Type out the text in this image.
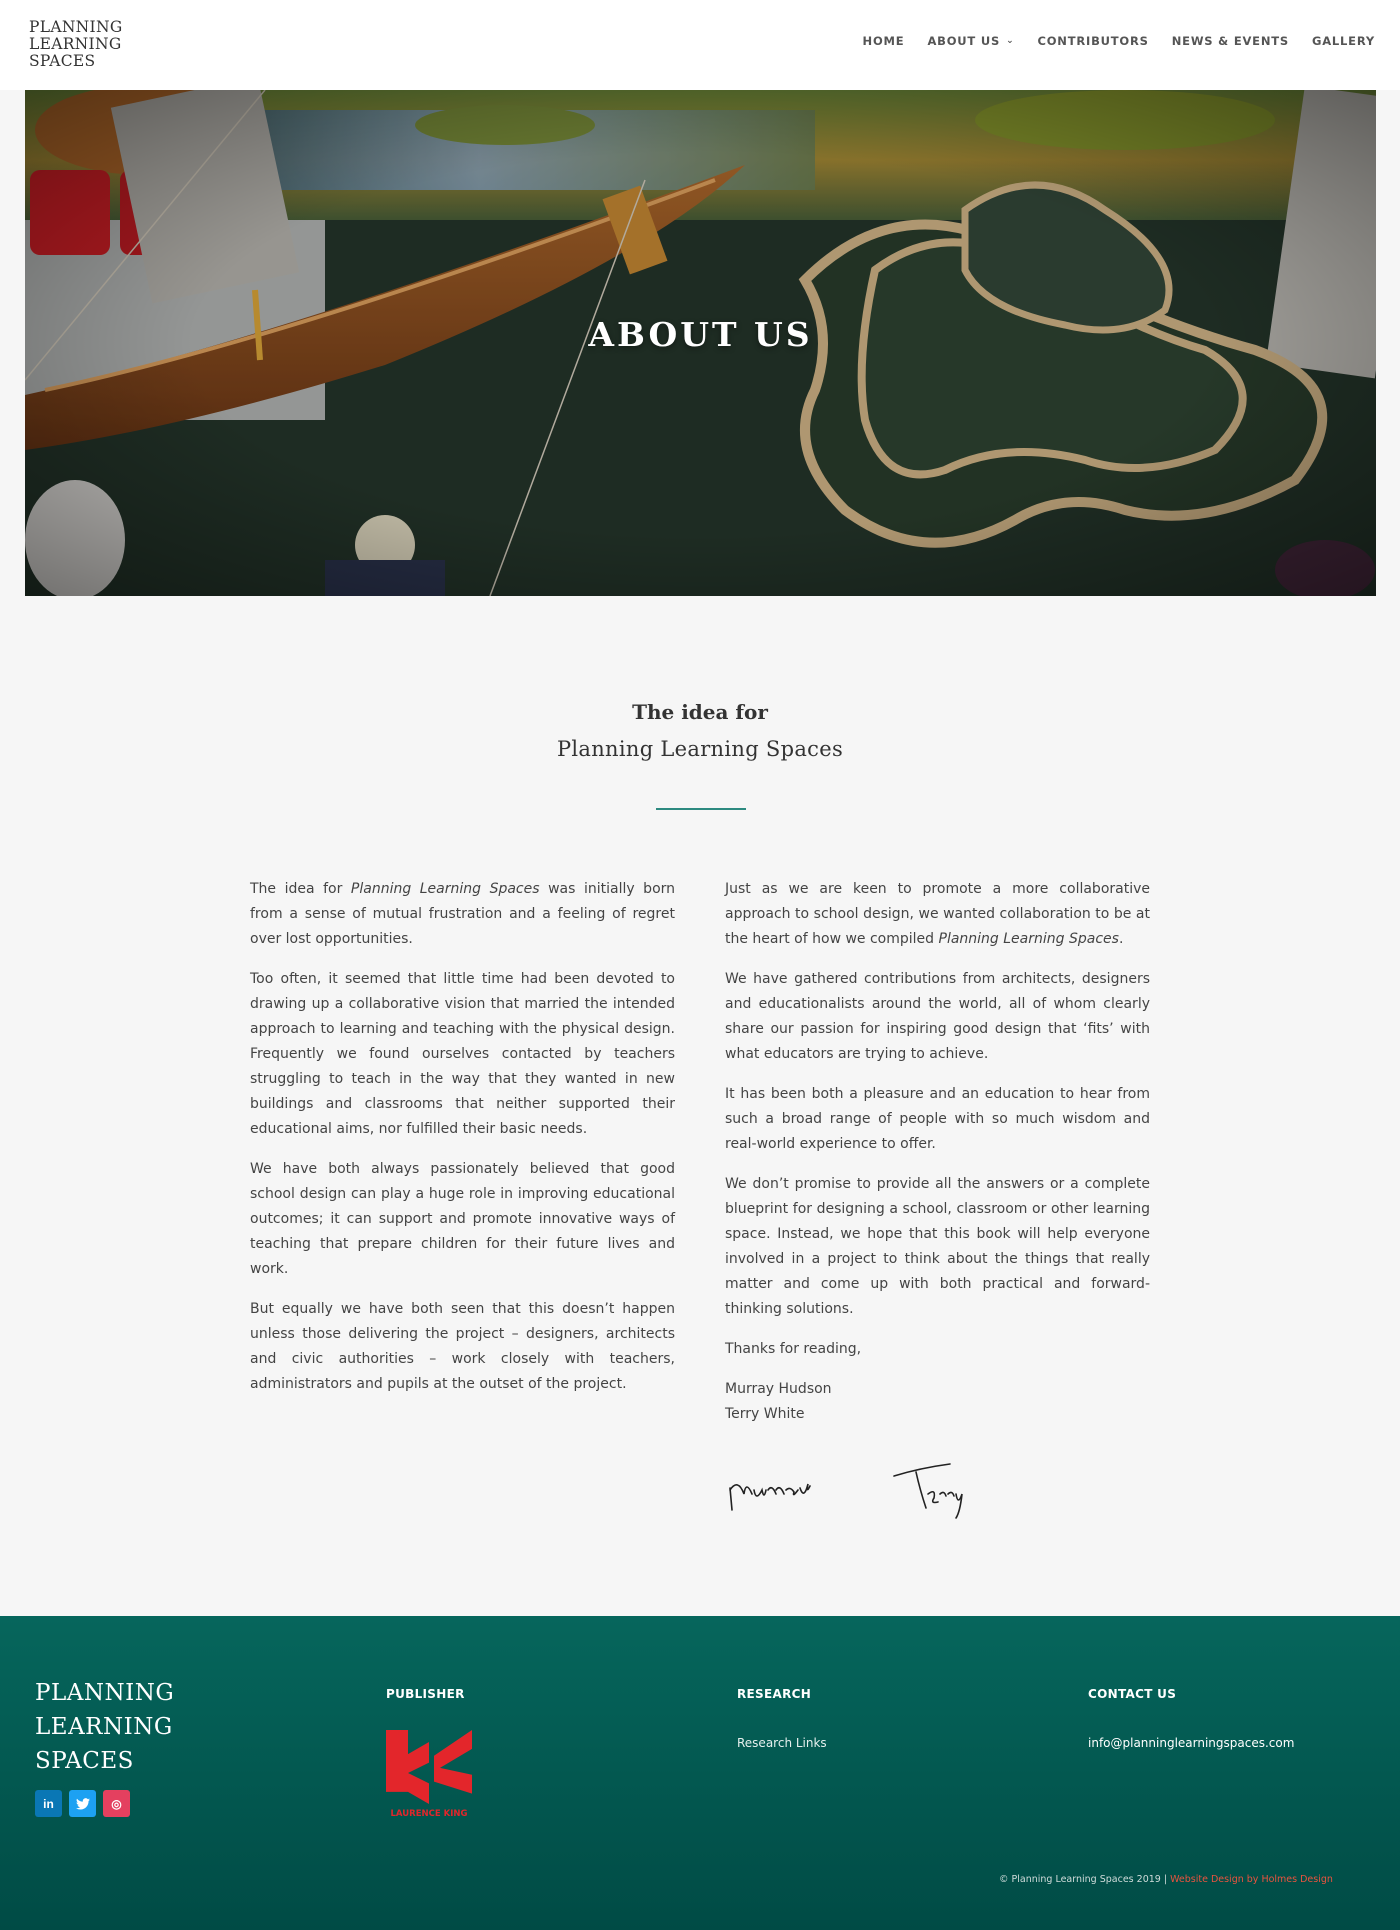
PLANNING
LEARNING
SPACES
HOME ABOUT US ⌄ CONTRIBUTORS NEWS & EVENTS GALLERY
ABOUT US
The idea for
Planning Learning Spaces

The idea for Planning Learning Spaces was initially born from a sense of mutual frustration and a feeling of regret over lost opportunities.

Too often, it seemed that little time had been devoted to drawing up a collaborative vision that married the intended approach to learning and teaching with the physical design. Frequently we found ourselves contacted by teachers struggling to teach in the way that they wanted in new buildings and classrooms that neither supported their educational aims, nor fulfilled their basic needs.

We have both always passionately believed that good school design can play a huge role in improving educational outcomes; it can support and promote innovative ways of teaching that prepare children for their future lives and work.

But equally we have both seen that this doesn’t happen unless those delivering the project – designers, architects and civic authorities – work closely with teachers, administrators and pupils at the outset of the project.

Just as we are keen to promote a more collaborative approach to school design, we wanted collaboration to be at the heart of how we compiled Planning Learning Spaces.

We have gathered contributions from architects, designers and educationalists around the world, all of whom clearly share our passion for inspiring good design that ‘fits’ with what educators are trying to achieve.

It has been both a pleasure and an education to hear from such a broad range of people with so much wisdom and real-world experience to offer.

We don’t promise to provide all the answers or a complete blueprint for designing a school, classroom or other learning space. Instead, we hope that this book will help everyone involved in a project to think about the things that really matter and come up with both practical and forward-thinking solutions.

Thanks for reading,

Murray Hudson
Terry White

PLANNING
LEARNING
SPACES
in	◎
PUBLISHER
LAURENCE KING
RESEARCH
Research Links
CONTACT US
info@planninglearningspaces.com
© Planning Learning Spaces 2019 | Website Design by Holmes Design
